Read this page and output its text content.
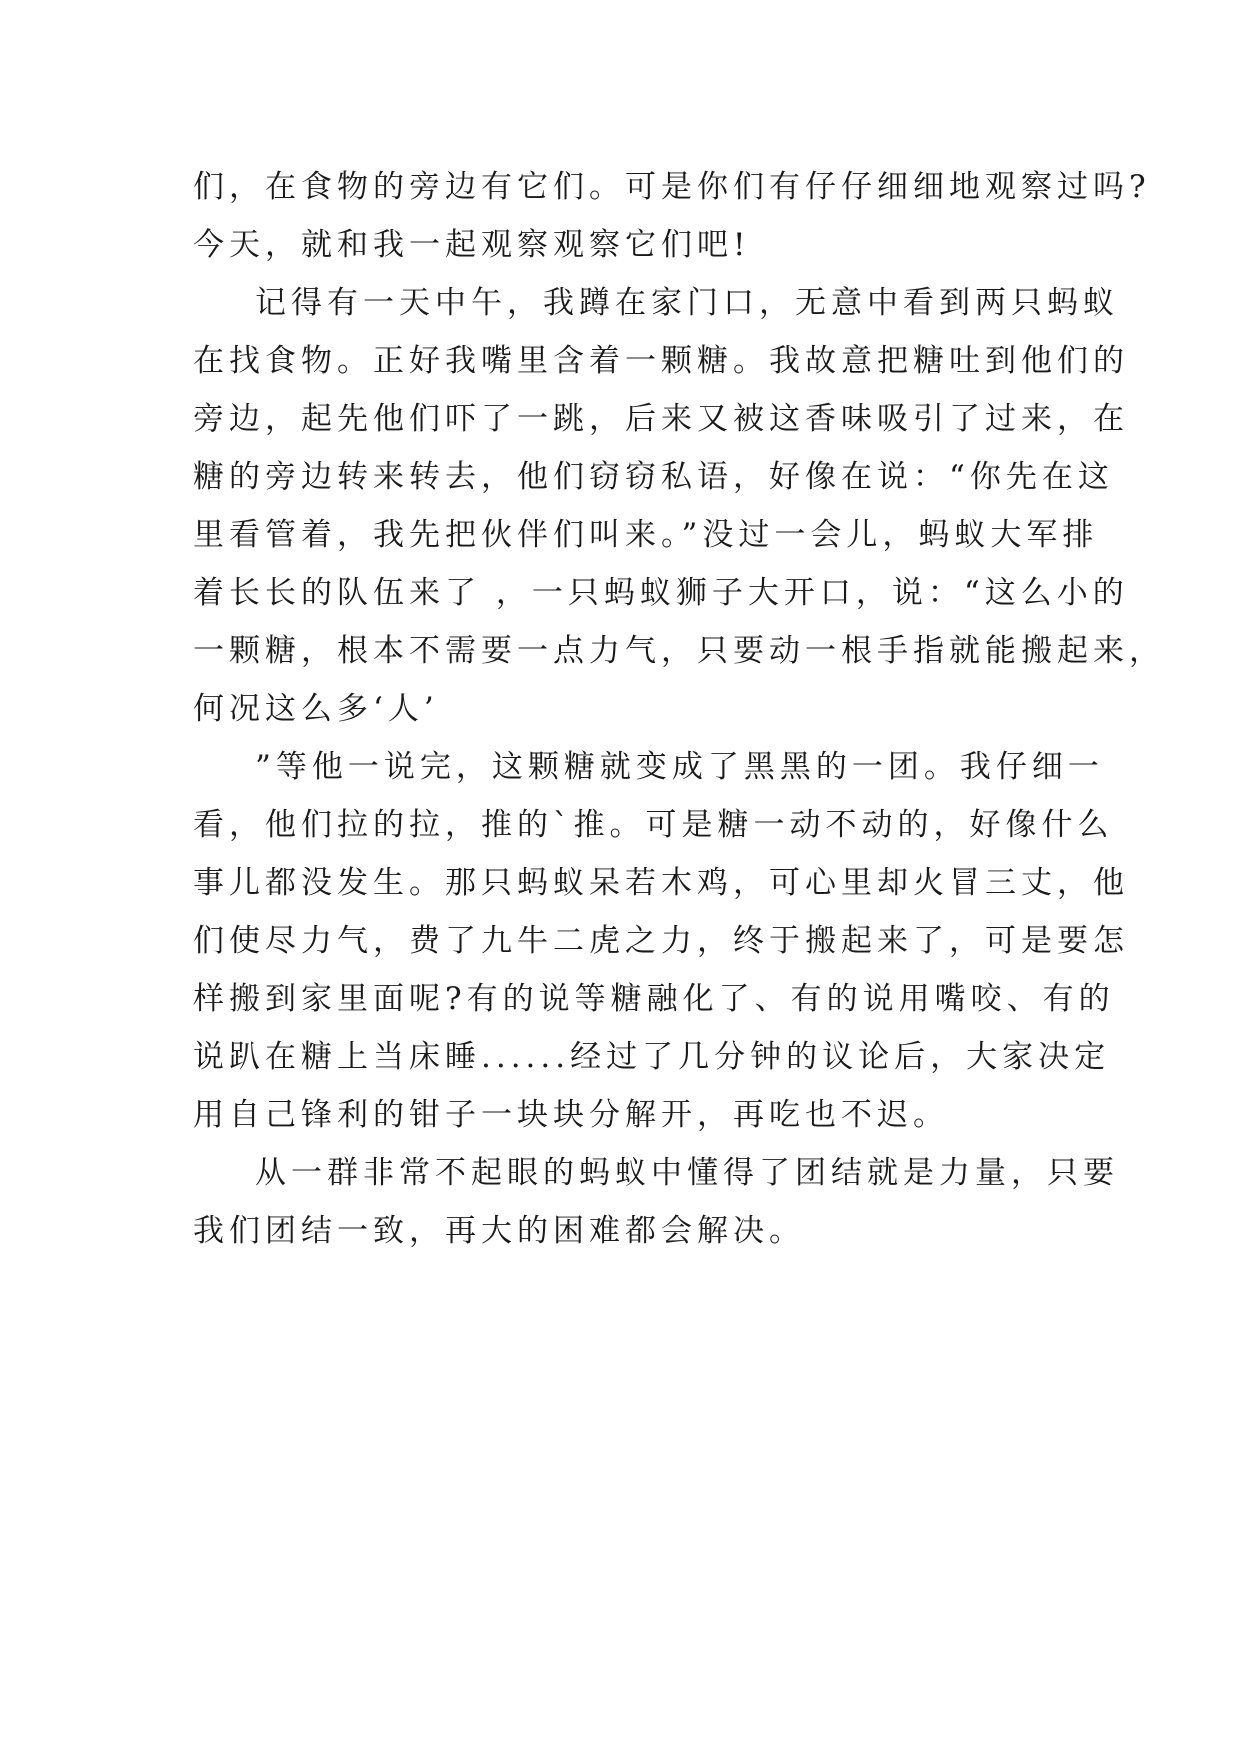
们，在食物的旁边有它们。可是你们有仔仔细细地观察过吗?
今天，就和我一起观察观察它们吧!
记得有一天中午，我蹲在家门口，无意中看到两只蚂蚁
在找食物。正好我嘴里含着一颗糖。我故意把糖吐到他们的
旁边，起先他们吓了一跳，后来又被这香味吸引了过来，在
糖的旁边转来转去，他们窃窃私语，好像在说：“你先在这
里看管着，我先把伙伴们叫来。”没过一会儿，蚂蚁大军排
着长长的队伍来了 ，一只蚂蚁狮子大开口，说：“这么小的
一颗糖，根本不需要一点力气，只要动一根手指就能搬起来，
何况这么多‘人’
”等他一说完，这颗糖就变成了黑黑的一团。我仔细一
看，他们拉的拉，推的`推。可是糖一动不动的，好像什么
事儿都没发生。那只蚂蚁呆若木鸡，可心里却火冒三丈，他
们使尽力气，费了九牛二虎之力，终于搬起来了，可是要怎
样搬到家里面呢?有的说等糖融化了、有的说用嘴咬、有的
说趴在糖上当床睡......经过了几分钟的议论后，大家决定
用自己锋利的钳子一块块分解开，再吃也不迟。
从一群非常不起眼的蚂蚁中懂得了团结就是力量，只要
我们团结一致，再大的困难都会解决。
